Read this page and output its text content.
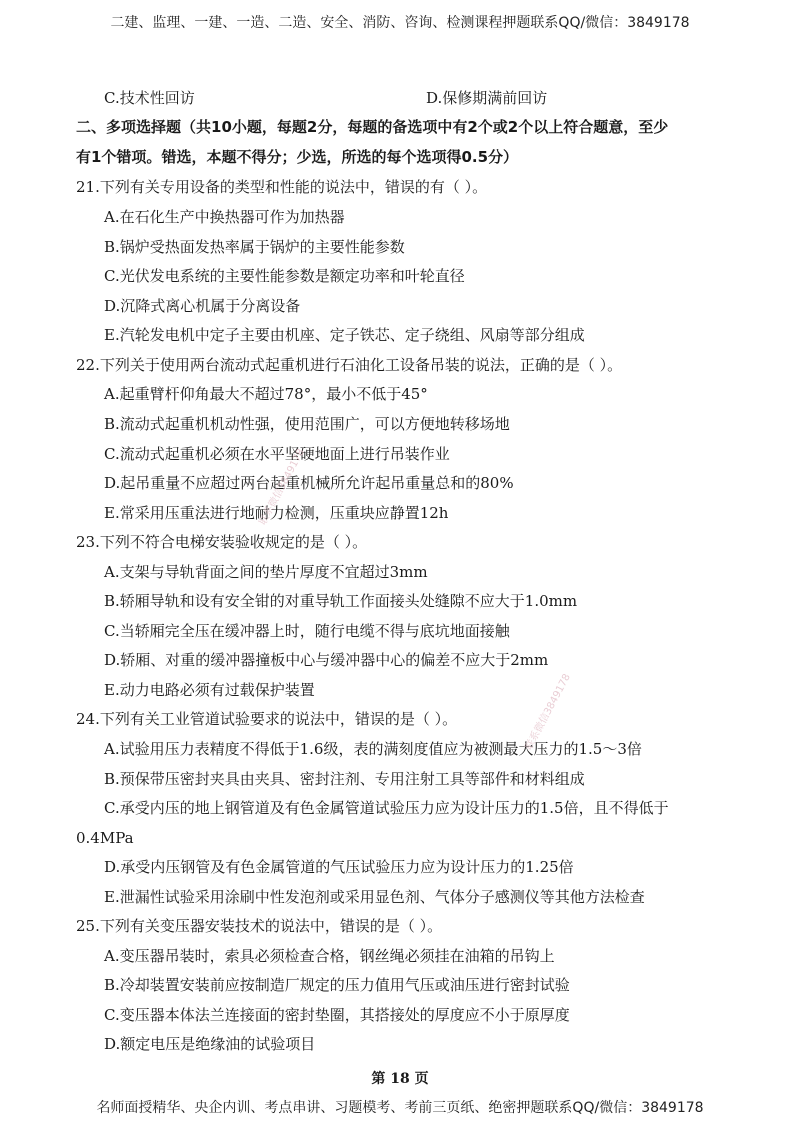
二建、监理、一建、一造、二造、安全、消防、咨询、检测课程押题联系QQ/微信：3849178
C.技术性回访	D.保修期满前回访
二、多项选择题（共10小题，每题2分，每题的备选项中有2个或2个以上符合题意，至少
有1个错项。错选，本题不得分；少选，所选的每个选项得0.5分）
21.下列有关专用设备的类型和性能的说法中，错误的有（ ）。
A.在石化生产中换热器可作为加热器
B.锅炉受热面发热率属于锅炉的主要性能参数
C.光伏发电系统的主要性能参数是额定功率和叶轮直径
D.沉降式离心机属于分离设备
E.汽轮发电机中定子主要由机座、定子铁芯、定子绕组、风扇等部分组成
22.下列关于使用两台流动式起重机进行石油化工设备吊装的说法，正确的是（ ）。
A.起重臂杆仰角最大不超过78°，最小不低于45°
B.流动式起重机机动性强，使用范围广，可以方便地转移场地
C.流动式起重机必须在水平坚硬地面上进行吊装作业
D.起吊重量不应超过两台起重机械所允许起吊重量总和的80%
E.常采用压重法进行地耐力检测，压重块应静置12h
23.下列不符合电梯安装验收规定的是（ ）。
A.支架与导轨背面之间的垫片厚度不宜超过3mm
B.轿厢导轨和设有安全钳的对重导轨工作面接头处缝隙不应大于1.0mm
C.当轿厢完全压在缓冲器上时，随行电缆不得与底坑地面接触
D.轿厢、对重的缓冲器撞板中心与缓冲器中心的偏差不应大于2mm
E.动力电路必须有过载保护装置
24.下列有关工业管道试验要求的说法中，错误的是（ ）。
A.试验用压力表精度不得低于1.6级，表的满刻度值应为被测最大压力的1.5～3倍
B.预保带压密封夹具由夹具、密封注剂、专用注射工具等部件和材料组成
C.承受内压的地上钢管道及有色金属管道试验压力应为设计压力的1.5倍，且不得低于
0.4MPa
D.承受内压钢管及有色金属管道的气压试验压力应为设计压力的1.25倍
E.泄漏性试验采用涂刷中性发泡剂或采用显色剂、气体分子感测仪等其他方法检查
25.下列有关变压器安装技术的说法中，错误的是（ ）。
A.变压器吊装时，索具必须检查合格，钢丝绳必须挂在油箱的吊钩上
B.冷却装置安装前应按制造厂规定的压力值用气压或油压进行密封试验
C.变压器本体法兰连接面的密封垫圈，其搭接处的厚度应不小于原厚度
D.额定电压是绝缘油的试验项目
联系微信3849178
联系微信3849178
第 18 页
名师面授精华、央企内训、考点串讲、习题模考、考前三页纸、绝密押题联系QQ/微信：3849178
